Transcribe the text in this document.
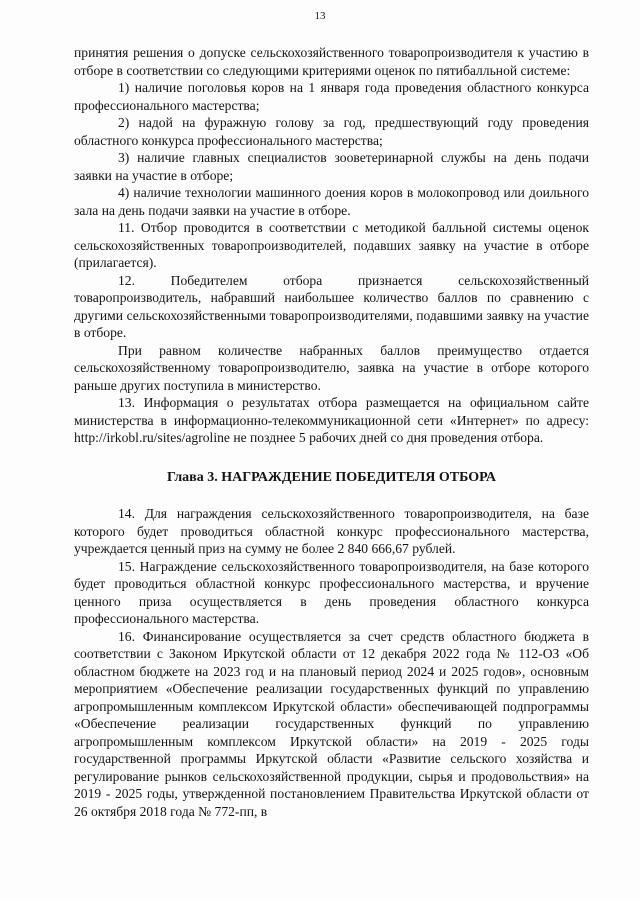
13

принятия решения о допуске сельскохозяйственного товаропроизводителя к участию в отборе в соответствии со следующими критериями оценок по пятибалльной системе:

1) наличие поголовья коров на 1 января года проведения областного конкурса профессионального мастерства;

2) надой на фуражную голову за год, предшествующий году проведения областного конкурса профессионального мастерства;

3) наличие главных специалистов зооветеринарной службы на день подачи заявки на участие в отборе;

4) наличие технологии машинного доения коров в молокопровод или доильного зала на день подачи заявки на участие в отборе.

11. Отбор проводится в соответствии с методикой балльной системы оценок сельскохозяйственных товаропроизводителей, подавших заявку на участие в отборе (прилагается).

12. Победителем отбора признается сельскохозяйственный товаропроизводитель, набравший наибольшее количество баллов по сравнению с другими сельскохозяйственными товаропроизводителями, подавшими заявку на участие в отборе.

При равном количестве набранных баллов преимущество отдается сельскохозяйственному товаропроизводителю, заявка на участие в отборе которого раньше других поступила в министерство.

13. Информация о результатах отбора размещается на официальном сайте министерства в информационно-телекоммуникационной сети «Интернет» по адресу: http://irkobl.ru/sites/agroline не позднее 5 рабочих дней со дня проведения отбора.

Глава 3. НАГРАЖДЕНИЕ ПОБЕДИТЕЛЯ ОТБОРА

14. Для награждения сельскохозяйственного товаропроизводителя, на базе которого будет проводиться областной конкурс профессионального мастерства, учреждается ценный приз на сумму не более 2 840 666,67 рублей.

15. Награждение сельскохозяйственного товаропроизводителя, на базе которого будет проводиться областной конкурс профессионального мастерства, и вручение ценного приза осуществляется в день проведения областного конкурса профессионального мастерства.

16. Финансирование осуществляется за счет средств областного бюджета в соответствии с Законом Иркутской области от 12 декабря 2022 года № 112-ОЗ «Об областном бюджете на 2023 год и на плановый период 2024 и 2025 годов», основным мероприятием «Обеспечение реализации государственных функций по управлению агропромышленным комплексом Иркутской области» обеспечивающей подпрограммы «Обеспечение реализации государственных функций по управлению агропромышленным комплексом Иркутской области» на 2019 - 2025 годы государственной программы Иркутской области «Развитие сельского хозяйства и регулирование рынков сельскохозяйственной продукции, сырья и продовольствия» на 2019 - 2025 годы, утвержденной постановлением Правительства Иркутской области от 26 октября 2018 года № 772-пп, в
